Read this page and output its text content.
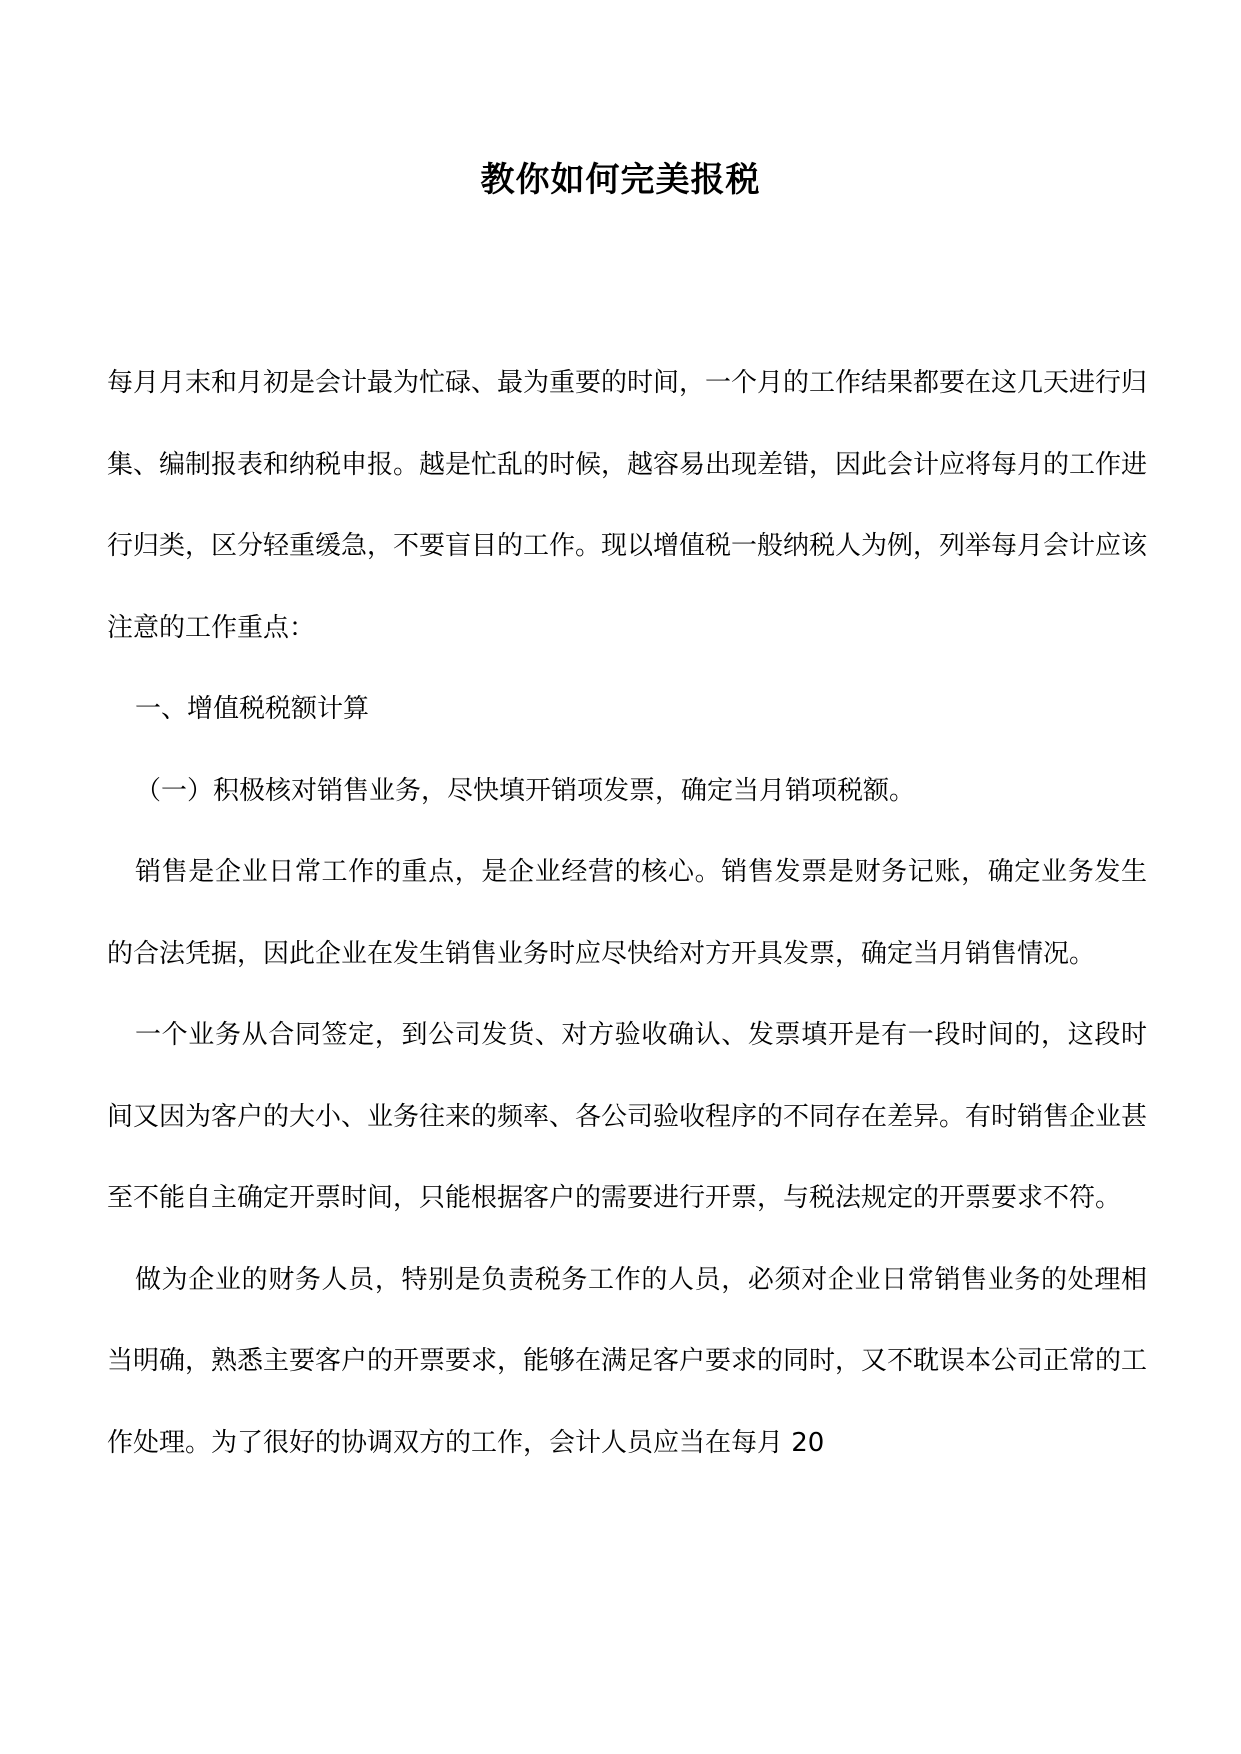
教你如何完美报税

每月月末和月初是会计最为忙碌、最为重要的时间，一个月的工作结果都要在这几天进行归集、编制报表和纳税申报。越是忙乱的时候，越容易出现差错，因此会计应将每月的工作进行归类，区分轻重缓急，不要盲目的工作。现以增值税一般纳税人为例，列举每月会计应该注意的工作重点：

一、增值税税额计算

（一）积极核对销售业务，尽快填开销项发票，确定当月销项税额。

销售是企业日常工作的重点，是企业经营的核心。销售发票是财务记账，确定业务发生的合法凭据，因此企业在发生销售业务时应尽快给对方开具发票，确定当月销售情况。

一个业务从合同签定，到公司发货、对方验收确认、发票填开是有一段时间的，这段时间又因为客户的大小、业务往来的频率、各公司验收程序的不同存在差异。有时销售企业甚至不能自主确定开票时间，只能根据客户的需要进行开票，与税法规定的开票要求不符。

做为企业的财务人员，特别是负责税务工作的人员，必须对企业日常销售业务的处理相当明确，熟悉主要客户的开票要求，能够在满足客户要求的同时，又不耽误本公司正常的工作处理。为了很好的协调双方的工作，会计人员应当在每月 20
